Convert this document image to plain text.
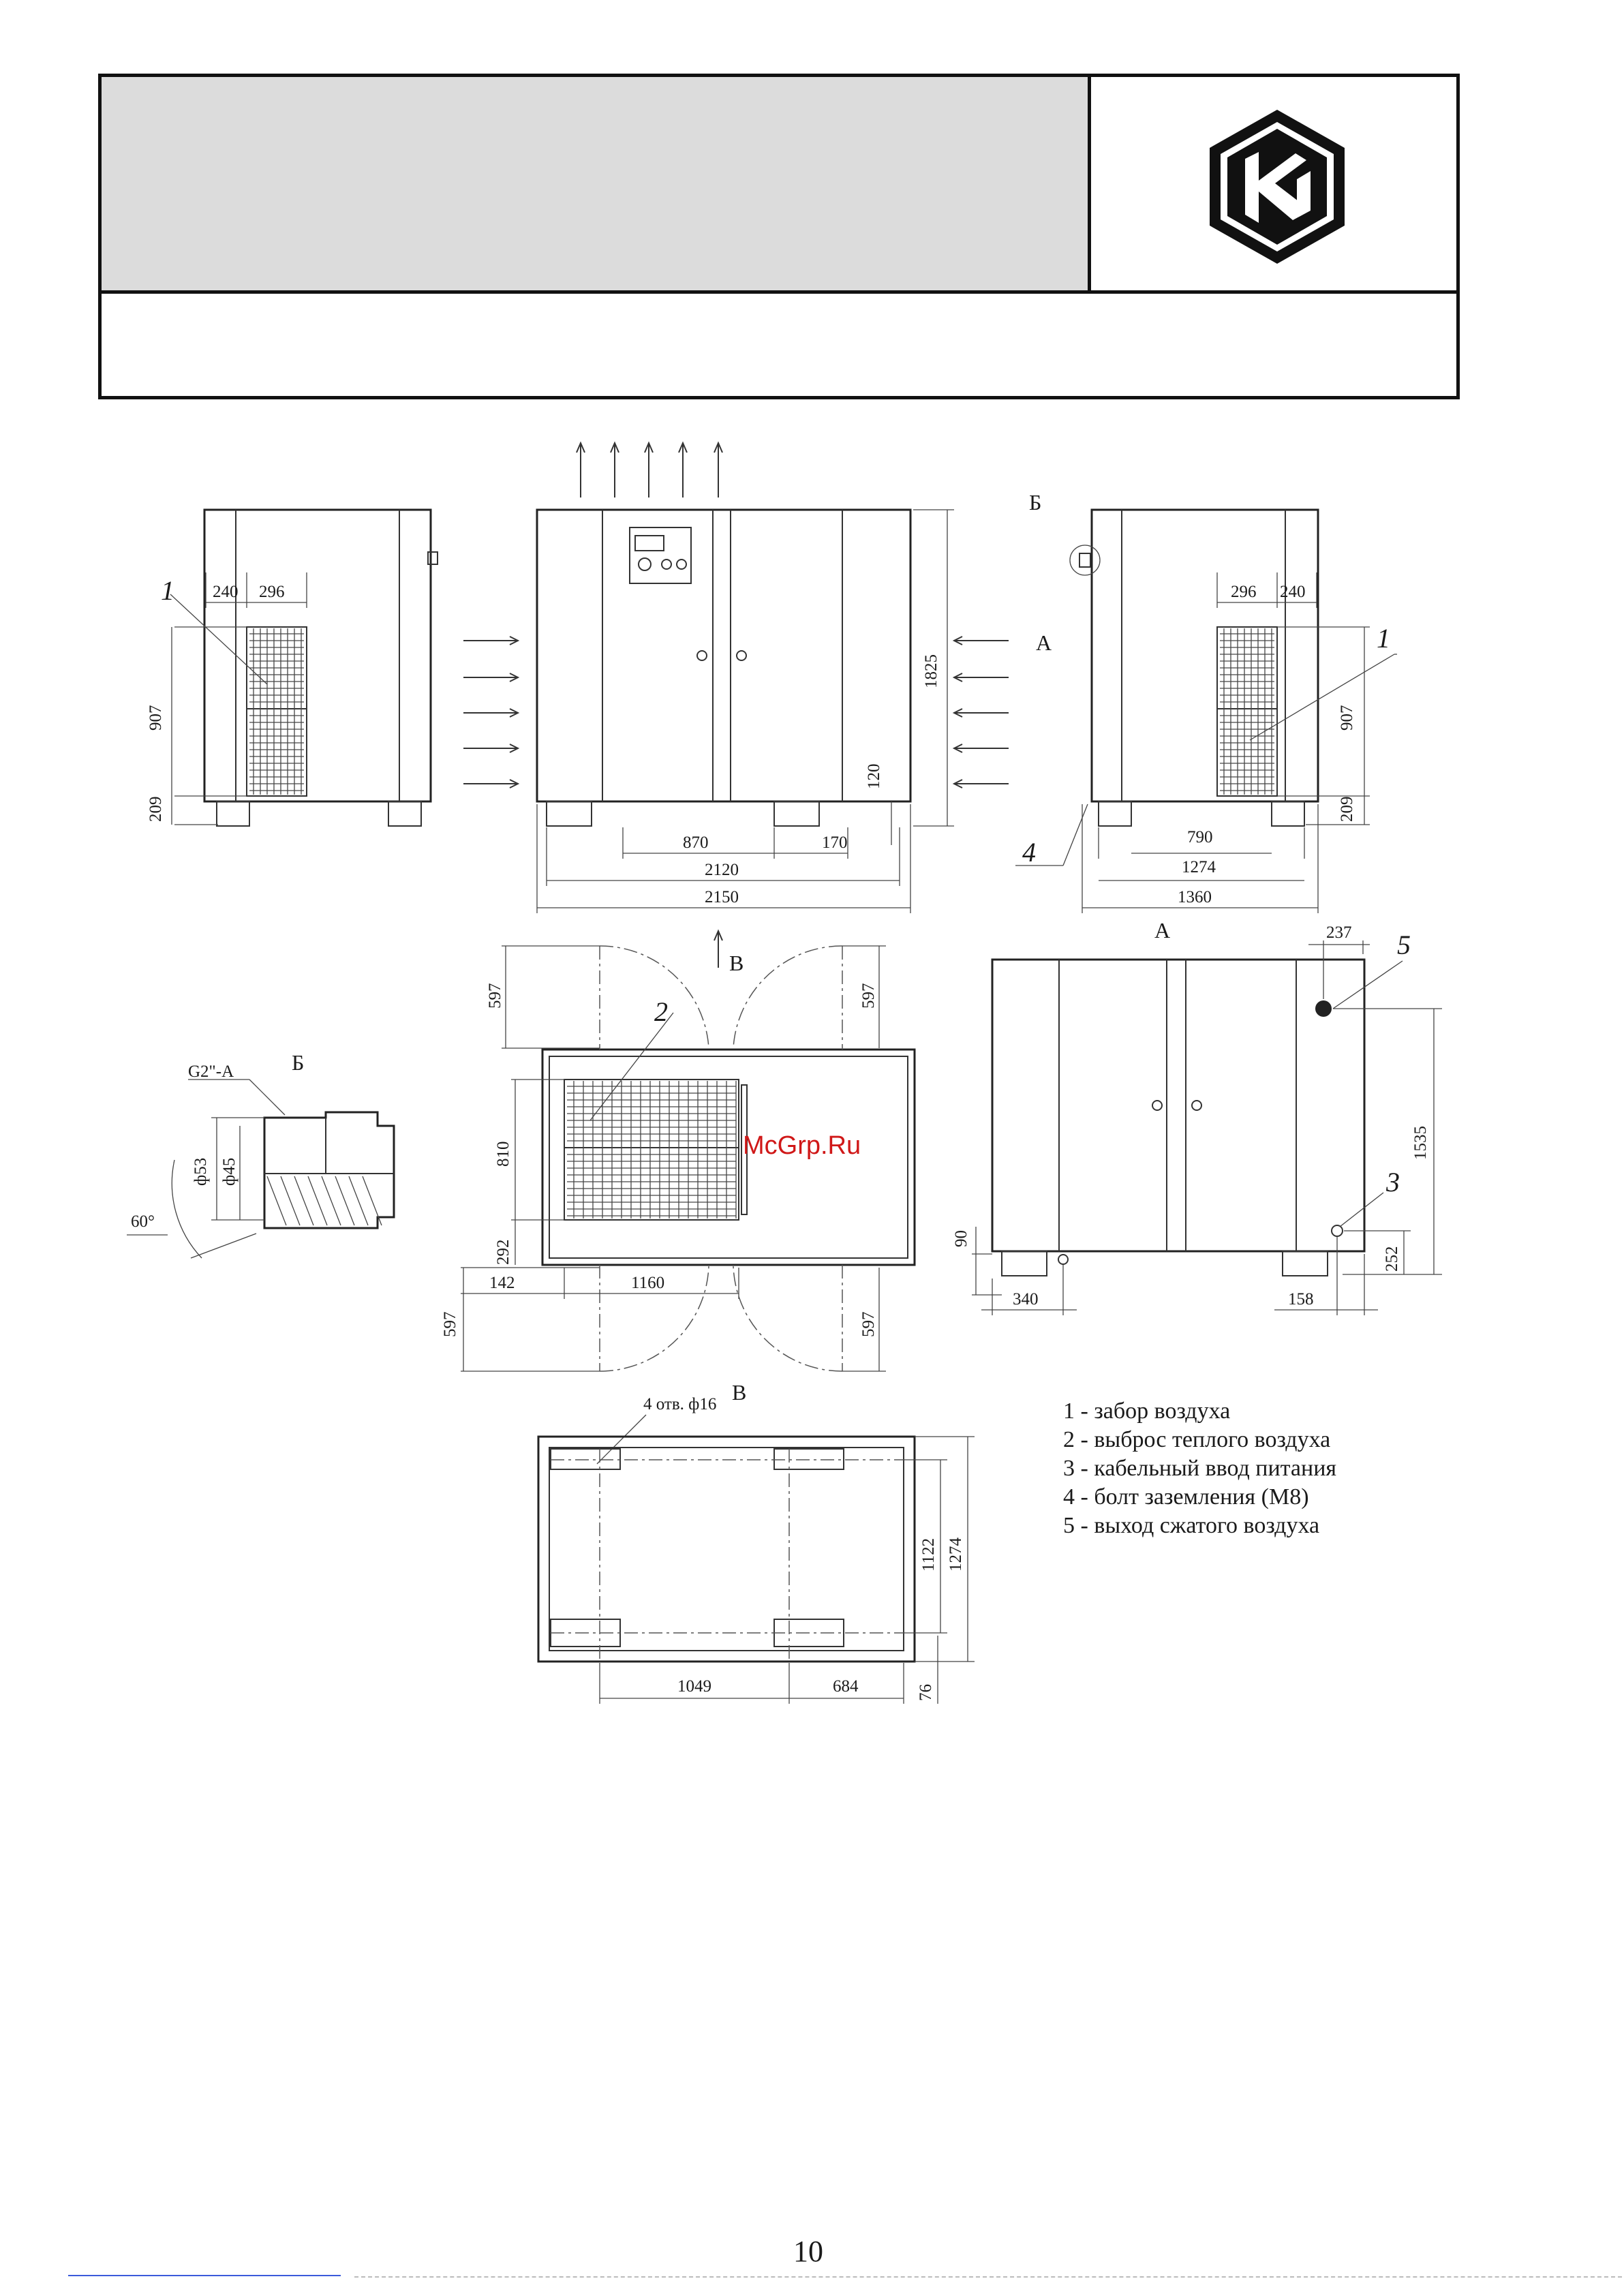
240 296
907
209
1
1825
120
870	170
2120
2150
А
Б
296 240
907
209
790
1274
1360
1
4
В
597	597
810
292
142	1160
597	597
2
Б
G2"-A
ф53 ф45
60°
А	237
1535
90
340	158
252
5
3
В
4 отв. ф16
1122 1274
1049	684	76
McGrp.Ru
1 - забор воздуха
2 - выброс теплого воздуха
3 - кабельный ввод питания
4 - болт заземления (М8)
5 - выход сжатого воздуха
10
